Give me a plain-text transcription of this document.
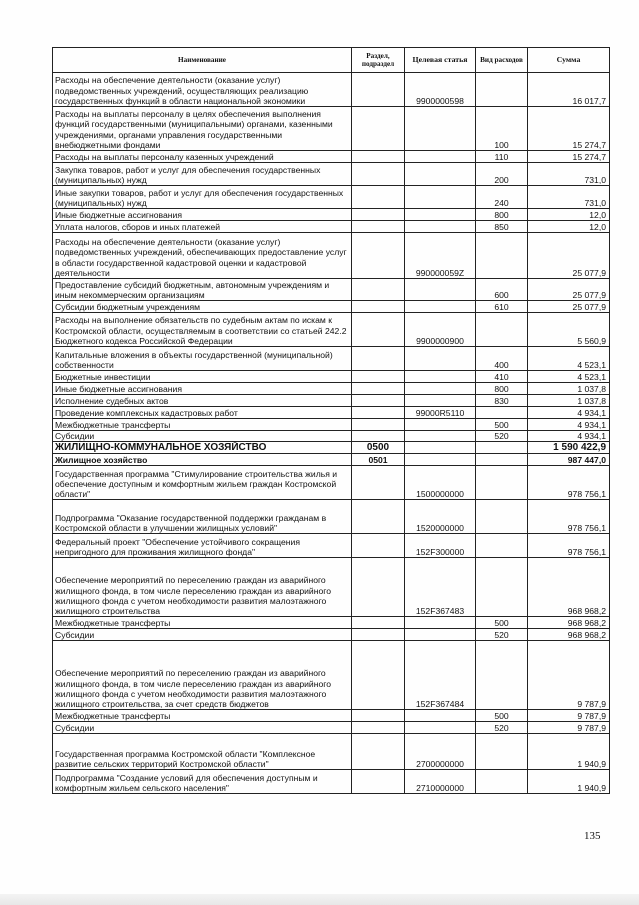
Наименование	Раздел, подраздел	Целевая статья	Вид расходов	Сумма
Расходы на обеспечение деятельности (оказание услуг) подведомственных учреждений, осуществляющих реализацию государственных функций в области национальной экономики		9900000598		16 017,7
Расходы на выплаты персоналу в целях обеспечения выполнения функций государственными (муниципальными) органами, казенными учреждениями, органами управления государственными внебюджетными фондами			100	15 274,7
Расходы на выплаты персоналу казенных учреждений			110	15 274,7
Закупка товаров, работ и услуг для обеспечения государственных (муниципальных) нужд			200	731,0
Иные закупки товаров, работ и услуг для обеспечения государственных (муниципальных) нужд			240	731,0
Иные бюджетные ассигнования			800	12,0
Уплата налогов, сборов и иных платежей			850	12,0
Расходы на обеспечение деятельности (оказание услуг) подведомственных учреждений, обеспечивающих предоставление услуг в области государственной кадастровой оценки и кадастровой деятельности		990000059Z		25 077,9
Предоставление субсидий бюджетным, автономным учреждениям и иным некоммерческим организациям			600	25 077,9
Субсидии бюджетным учреждениям			610	25 077,9
Расходы на выполнение обязательств по судебным актам по искам к Костромской области, осуществляемым в соответствии со статьей 242.2 Бюджетного кодекса Российской Федерации		9900000900		5 560,9
Капитальные вложения в объекты государственной (муниципальной) собственности			400	4 523,1
Бюджетные инвестиции			410	4 523,1
Иные бюджетные ассигнования			800	1 037,8
Исполнение судебных актов			830	1 037,8
Проведение комплексных кадастровых работ		99000R5110		4 934,1
Межбюджетные трансферты			500	4 934,1
Субсидии			520	4 934,1
ЖИЛИЩНО-КОММУНАЛЬНОЕ ХОЗЯЙСТВО	0500			1 590 422,9
Жилищное хозяйство	0501			987 447,0
Государственная программа "Стимулирование строительства жилья и обеспечение доступным и комфортным жильем граждан Костромской области"		1500000000		978 756,1
Подпрограмма "Оказание государственной поддержки гражданам в Костромской области в улучшении жилищных условий"		1520000000		978 756,1
Федеральный проект "Обеспечение устойчивого сокращения непригодного для проживания жилищного фонда"		152F300000		978 756,1
Обеспечение мероприятий по переселению граждан из аварийного жилищного фонда, в том числе переселению граждан из аварийного жилищного фонда с учетом необходимости развития малоэтажного жилищного строительства		152F367483		968 968,2
Межбюджетные трансферты			500	968 968,2
Субсидии			520	968 968,2
Обеспечение мероприятий по переселению граждан из аварийного жилищного фонда, в том числе переселению граждан из аварийного жилищного фонда с учетом необходимости развития малоэтажного жилищного строительства, за счет средств бюджетов		152F367484		9 787,9
Межбюджетные трансферты			500	9 787,9
Субсидии			520	9 787,9
Государственная программа Костромской области "Комплексное развитие сельских территорий Костромской области"		2700000000		1 940,9
Подпрограмма "Создание условий для обеспечения доступным и комфортным жильем сельского населения"		2710000000		1 940,9
135
